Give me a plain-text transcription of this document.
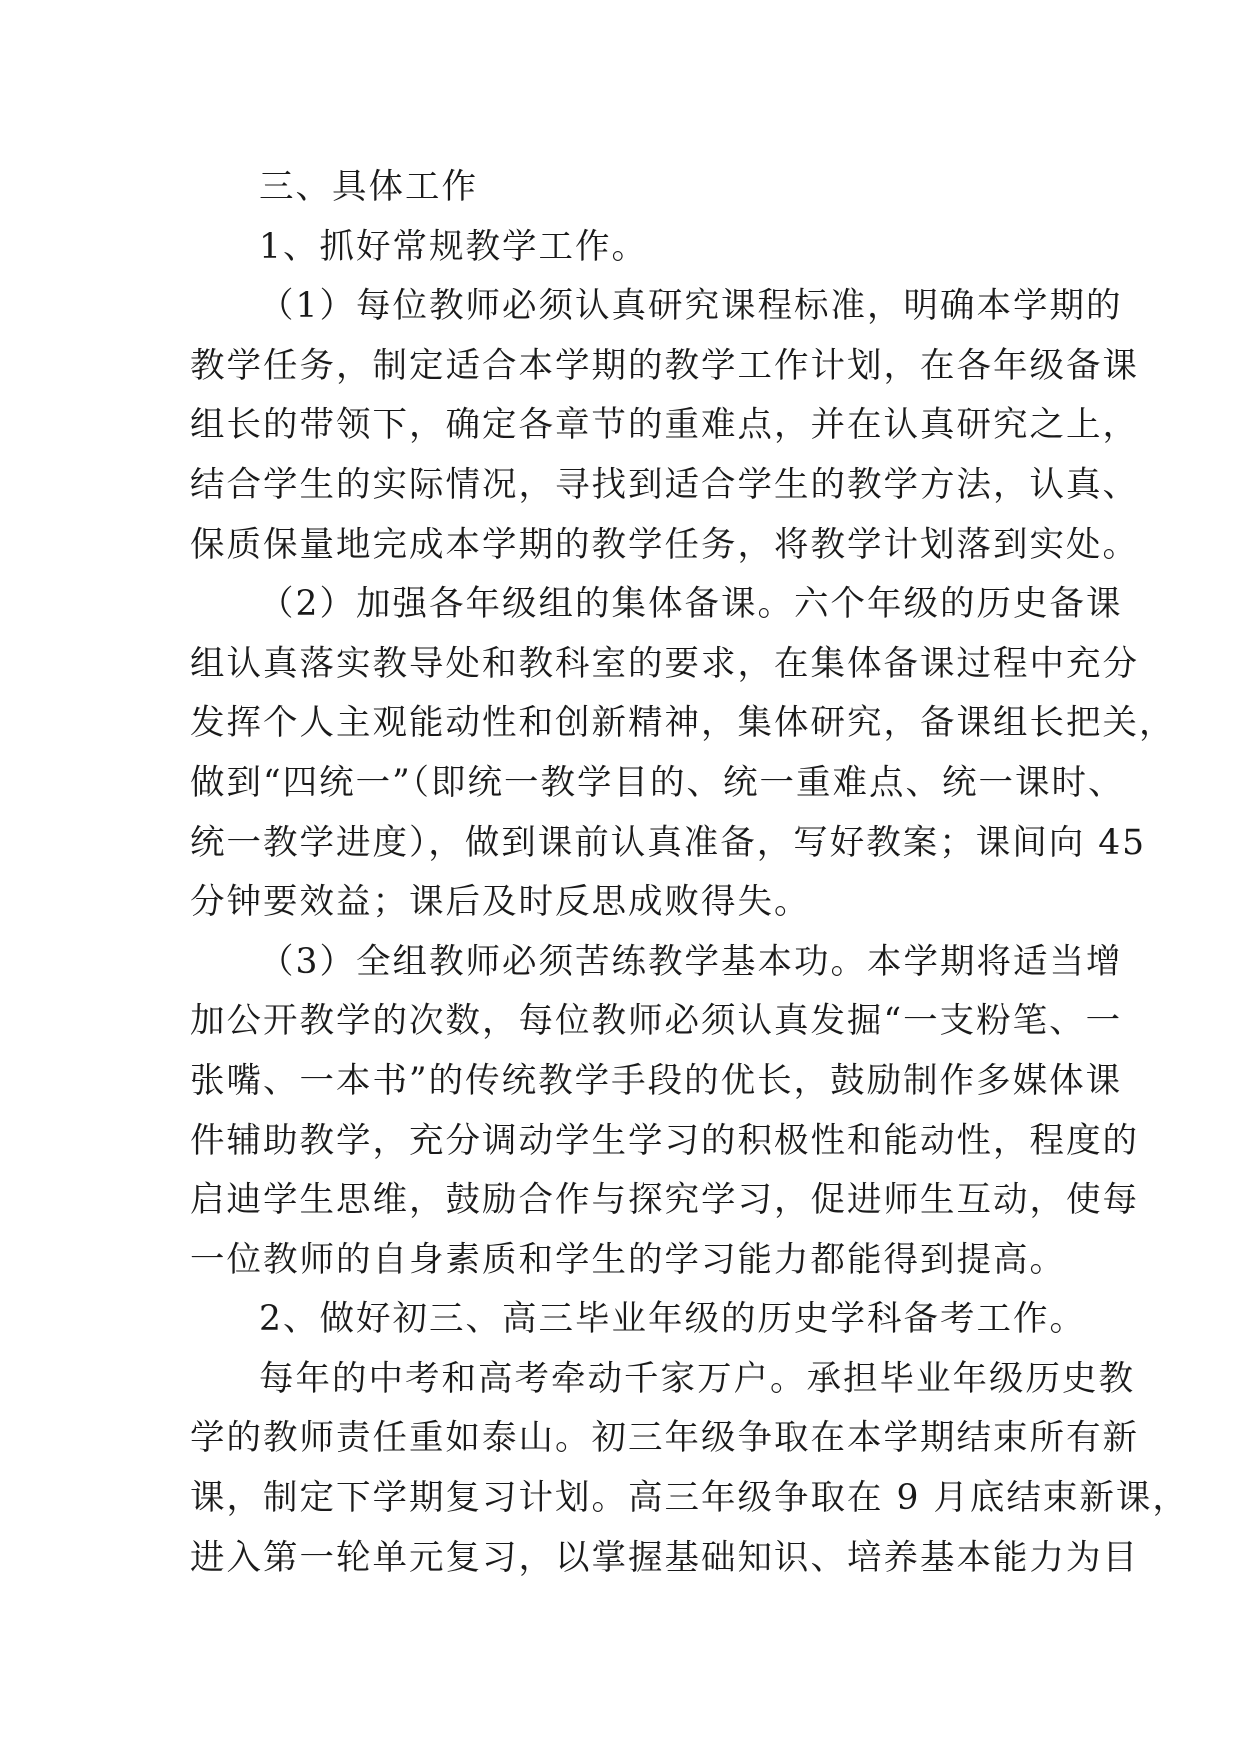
三、具体工作
1、抓好常规教学工作。
（1）每位教师必须认真研究课程标准，明确本学期的
教学任务，制定适合本学期的教学工作计划，在各年级备课
组长的带领下，确定各章节的重难点，并在认真研究之上，
结合学生的实际情况，寻找到适合学生的教学方法，认真、
保质保量地完成本学期的教学任务，将教学计划落到实处。
（2）加强各年级组的集体备课。六个年级的历史备课
组认真落实教导处和教科室的要求，在集体备课过程中充分
发挥个人主观能动性和创新精神，集体研究，备课组长把关，
做到“四统一”（即统一教学目的、统一重难点、统一课时、
统一教学进度），做到课前认真准备，写好教案；课间向 45
分钟要效益；课后及时反思成败得失。
（3）全组教师必须苦练教学基本功。本学期将适当增
加公开教学的次数，每位教师必须认真发掘“一支粉笔、一
张嘴、一本书”的传统教学手段的优长，鼓励制作多媒体课
件辅助教学，充分调动学生学习的积极性和能动性，程度的
启迪学生思维，鼓励合作与探究学习，促进师生互动，使每
一位教师的自身素质和学生的学习能力都能得到提高。
2、做好初三、高三毕业年级的历史学科备考工作。
每年的中考和高考牵动千家万户。承担毕业年级历史教
学的教师责任重如泰山。初三年级争取在本学期结束所有新
课，制定下学期复习计划。高三年级争取在 9 月底结束新课，
进入第一轮单元复习，以掌握基础知识、培养基本能力为目
